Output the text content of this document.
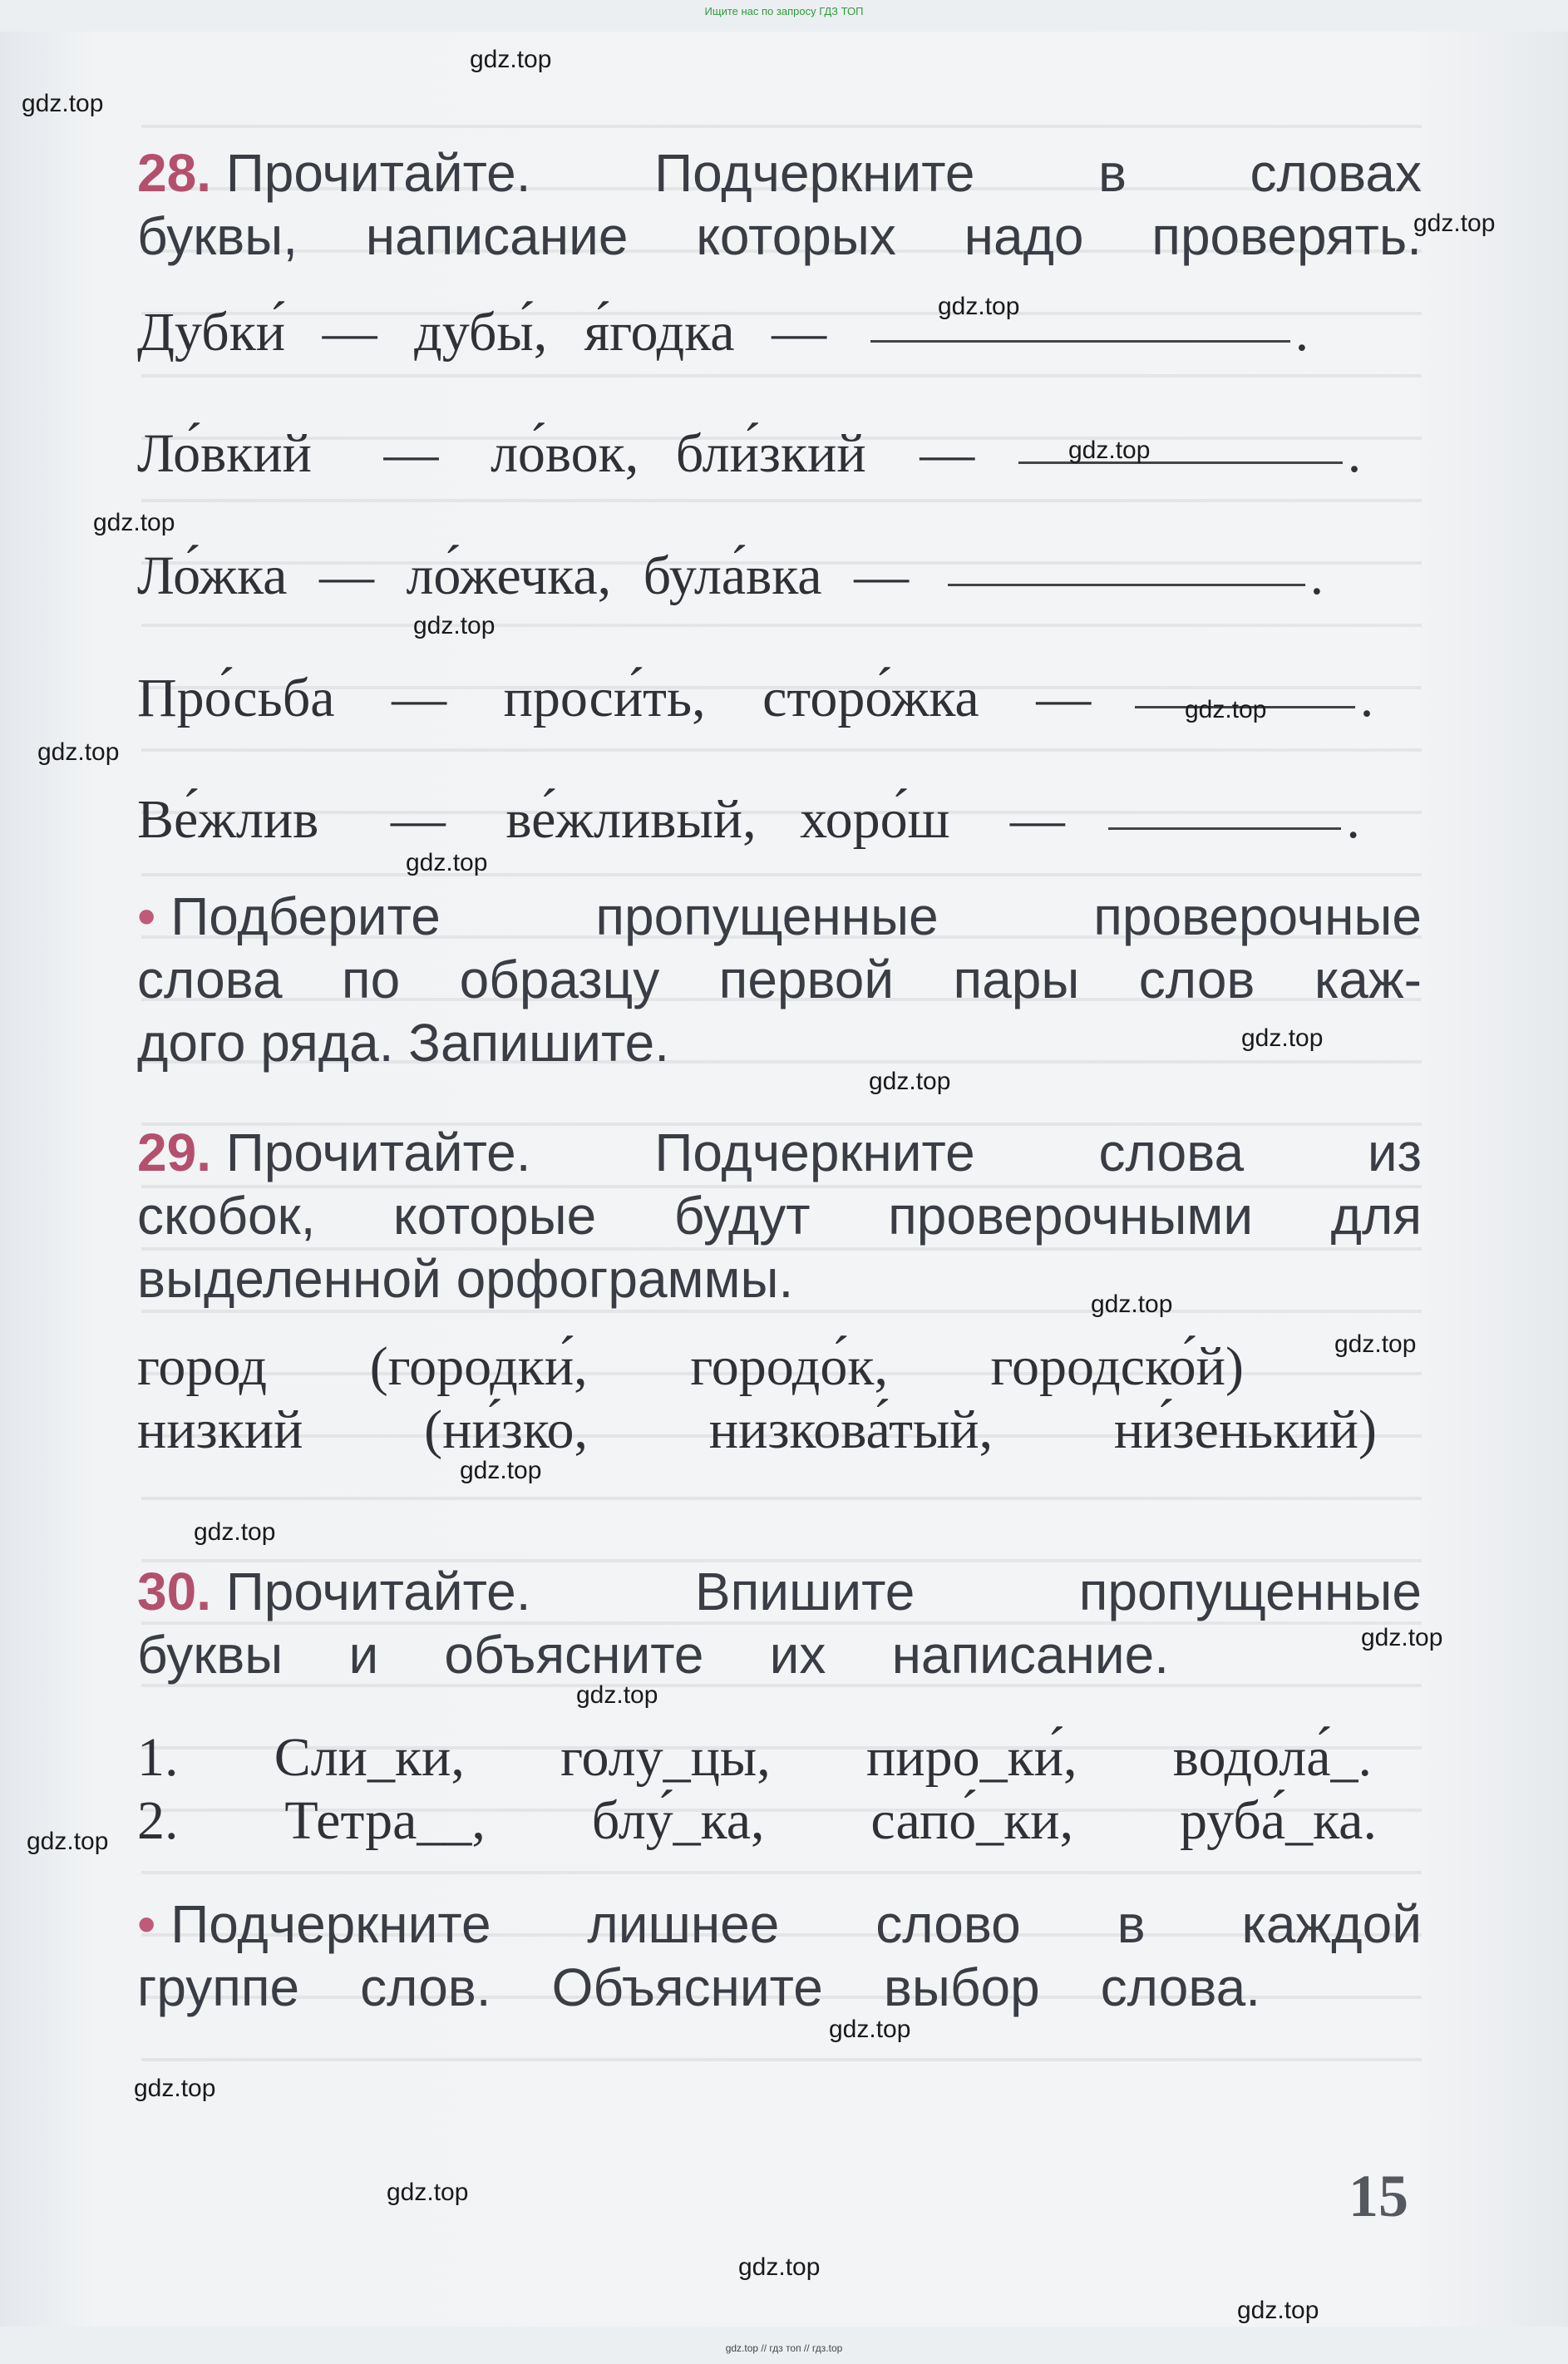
Ищите нас по запросу ГДЗ ТОП
28. Прочитайте. Подчеркните в словах
буквы, написание которых надо проверять.
Дубки́ — дубы́, я́годка —	.
Ло́вкий — ло́вок, бли́зкий —	.
Ло́жка — ло́жечка, була́вка —	.
Про́сьба — проси́ть, сторо́жка —	.
Ве́жлив — ве́жливый, хоро́ш —	.
• Подберите	пропущенные	проверочные
слова по образцу первой пары слов каж-
дого ряда. Запишите.
29. Прочитайте. Подчеркните слова из
скобок, которые будут проверочными для
выделенной орфограммы.
город (городки́, городо́к, городско́й)
низкий (ни́зко, низкова́тый, ни́зенький)
30. Прочитайте.	Впишите	пропущенные
буквы и объясните их написание.
1. Сли_ки, голу_цы, пиро_ки́, водола́_.
2. Тетра__, блу́_ка, сапо́_ки, руба́_ка.
• Подчеркните лишнее слово в каждой
группе слов. Объясните выбор слова.
15
gdz.top
gdz.top
gdz.top
gdz.top
gdz.top
gdz.top
gdz.top
gdz.top
gdz.top
gdz.top
gdz.top
gdz.top
gdz.top
gdz.top
gdz.top
gdz.top
gdz.top
gdz.top
gdz.top
gdz.top
gdz.top
gdz.top
gdz.top
gdz.top
gdz.top // гдз топ // гдз.top
